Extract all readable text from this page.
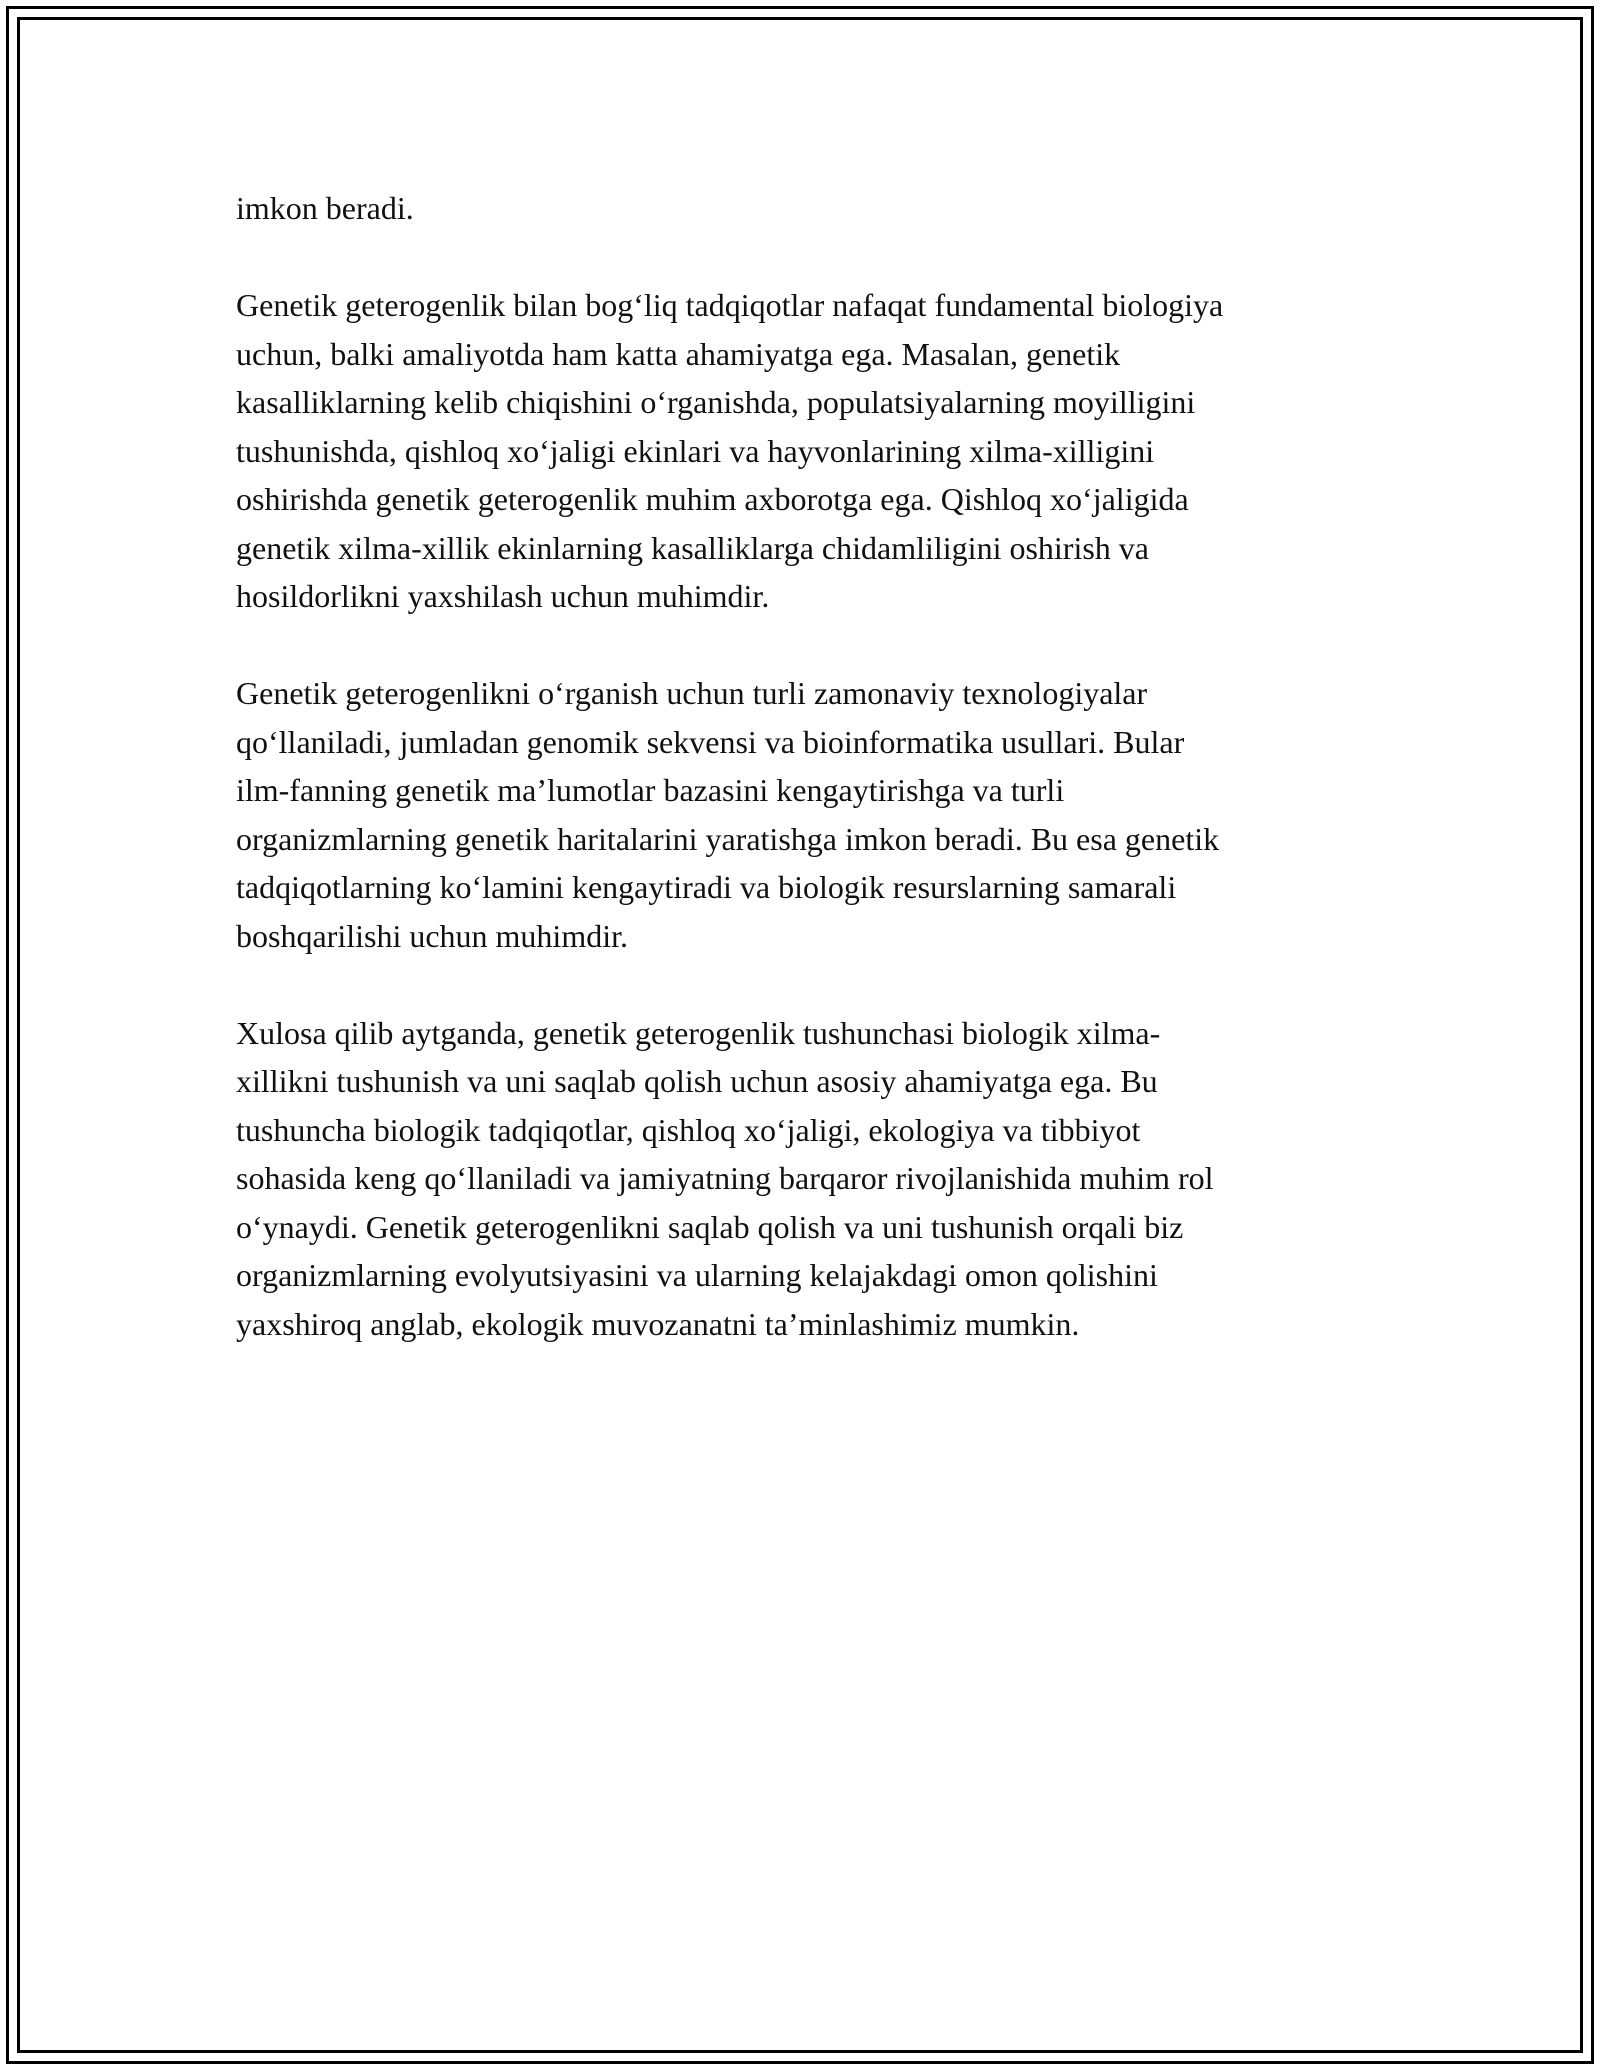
imkon beradi.

Genetik geterogenlik bilan bog‘liq tadqiqotlar nafaqat fundamental biologiya
uchun, balki amaliyotda ham katta ahamiyatga ega. Masalan, genetik
kasalliklarning kelib chiqishini o‘rganishda, populatsiyalarning moyilligini
tushunishda, qishloq xo‘jaligi ekinlari va hayvonlarining xilma-xilligini
oshirishda genetik geterogenlik muhim axborotga ega. Qishloq xo‘jaligida
genetik xilma-xillik ekinlarning kasalliklarga chidamliligini oshirish va
hosildorlikni yaxshilash uchun muhimdir.

Genetik geterogenlikni o‘rganish uchun turli zamonaviy texnologiyalar
qo‘llaniladi, jumladan genomik sekvensi va bioinformatika usullari. Bular
ilm-fanning genetik ma’lumotlar bazasini kengaytirishga va turli
organizmlarning genetik haritalarini yaratishga imkon beradi. Bu esa genetik
tadqiqotlarning ko‘lamini kengaytiradi va biologik resurslarning samarali
boshqarilishi uchun muhimdir.

Xulosa qilib aytganda, genetik geterogenlik tushunchasi biologik xilma-
xillikni tushunish va uni saqlab qolish uchun asosiy ahamiyatga ega. Bu
tushuncha biologik tadqiqotlar, qishloq xo‘jaligi, ekologiya va tibbiyot
sohasida keng qo‘llaniladi va jamiyatning barqaror rivojlanishida muhim rol
o‘ynaydi. Genetik geterogenlikni saqlab qolish va uni tushunish orqali biz
organizmlarning evolyutsiyasini va ularning kelajakdagi omon qolishini
yaxshiroq anglab, ekologik muvozanatni ta’minlashimiz mumkin.
